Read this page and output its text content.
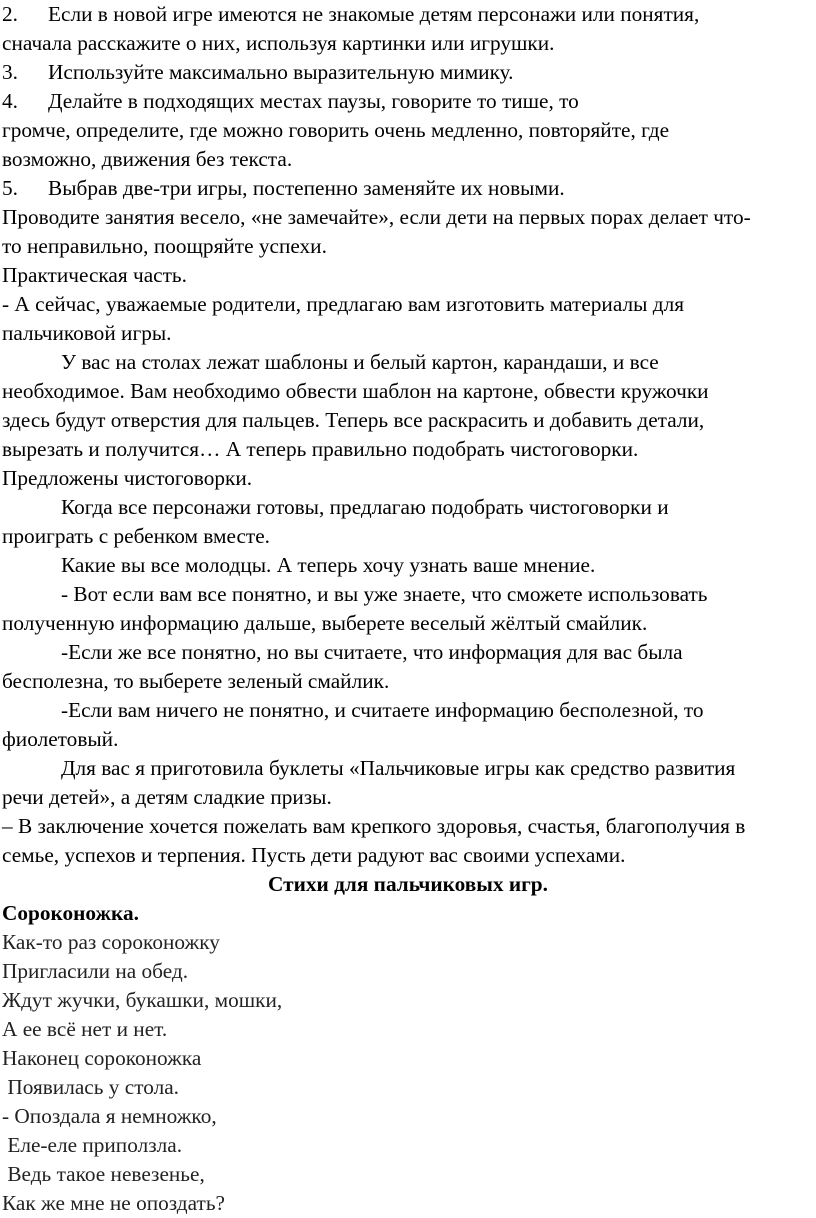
2. Если в новой игре имеются не знакомые детям персонажи или понятия,
сначала расскажите о них, используя картинки или игрушки.
3. Используйте максимально выразительную мимику.
4. Делайте в подходящих местах паузы, говорите то тише, то
громче, определите, где можно говорить очень медленно, повторяйте, где
возможно, движения без текста.
5. Выбрав две-три игры, постепенно заменяйте их новыми.
Проводите занятия весело, «не замечайте», если дети на первых порах делает что-
то неправильно, поощряйте успехи.
Практическая часть.
- А сейчас, уважаемые родители, предлагаю вам изготовить материалы для
пальчиковой игры.
У вас на столах лежат шаблоны и белый картон, карандаши, и все
необходимое. Вам необходимо обвести шаблон на картоне, обвести кружочки
здесь будут отверстия для пальцев. Теперь все раскрасить и добавить детали,
вырезать и получится… А теперь правильно подобрать чистоговорки.
Предложены чистоговорки.
Когда все персонажи готовы, предлагаю подобрать чистоговорки и
проиграть с ребенком вместе.
Какие вы все молодцы. А теперь хочу узнать ваше мнение.
- Вот если вам все понятно, и вы уже знаете, что сможете использовать
полученную информацию дальше, выберете веселый жёлтый смайлик.
-Если же все понятно, но вы считаете, что информация для вас была
бесполезна, то выберете зеленый смайлик.
-Если вам ничего не понятно, и считаете информацию бесполезной, то
фиолетовый.
Для вас я приготовила буклеты «Пальчиковые игры как средство развития
речи детей», а детям сладкие призы.
– В заключение хочется пожелать вам крепкого здоровья, счастья, благополучия в
семье, успехов и терпения. Пусть дети радуют вас своими успехами.
Стихи для пальчиковых игр.
Сороконожка.
Как-то раз сороконожку
Пригласили на обед.
Ждут жучки, букашки, мошки,
А ее всё нет и нет.
Наконец сороконожка
Появилась у стола.
- Опоздала я немножко,
Еле-еле приползла.
Ведь такое невезенье,
Как же мне не опоздать?
